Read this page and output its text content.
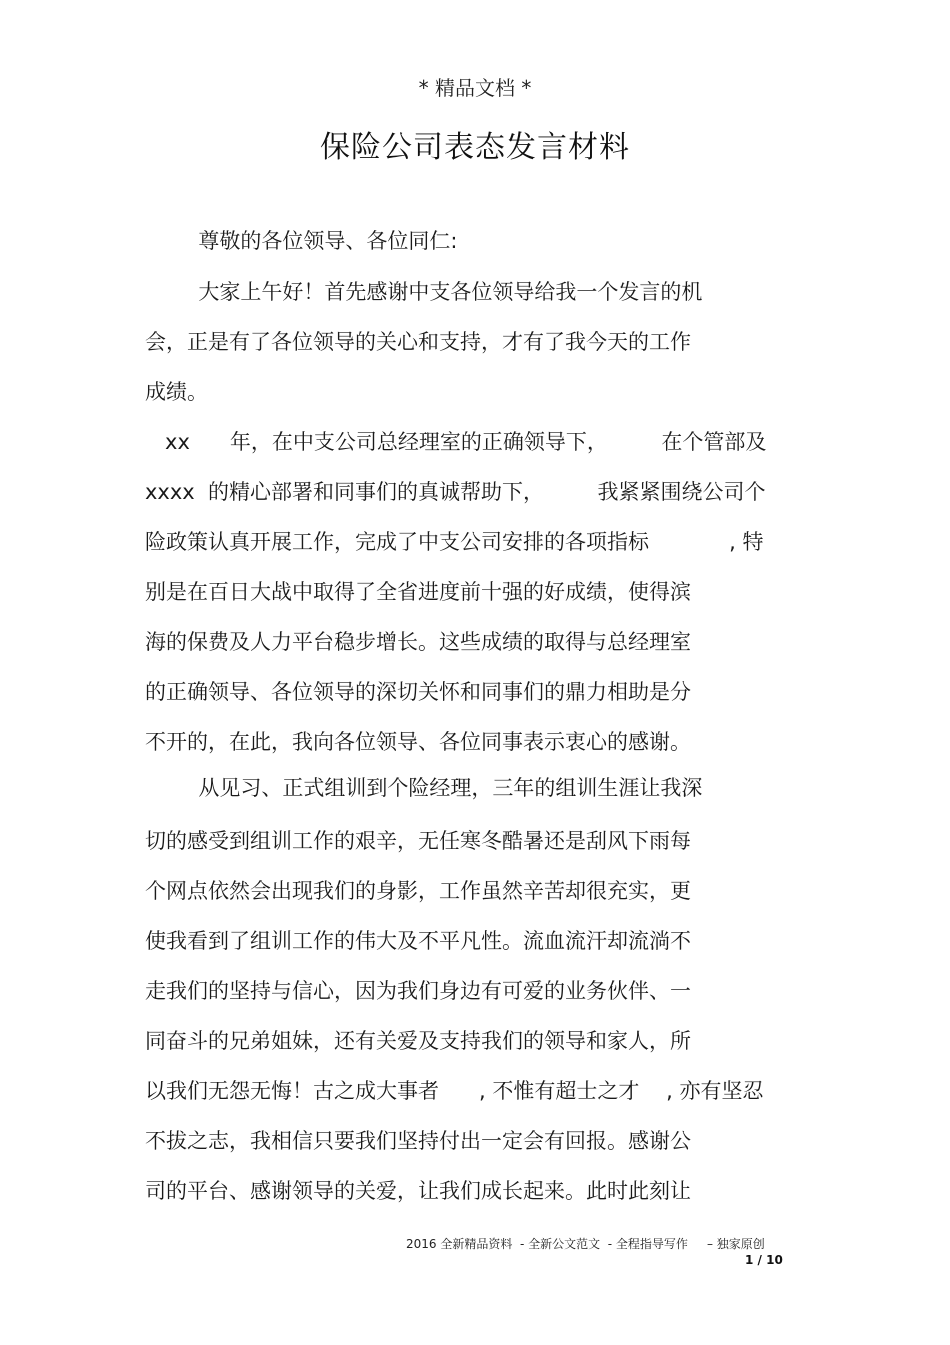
* 精品文档 *
保险公司表态发言材料
尊敬的各位领导、各位同仁:
大家上午好！首先感谢中支各位领导给我一个发言的机
会，正是有了各位领导的关心和支持，才有了我今天的工作
成绩。
xx      年，在中支公司总经理室的正确领导下，        在个管部及
xxxx  的精心部署和同事们的真诚帮助下，        我紧紧围绕公司个
险政策认真开展工作，完成了中支公司安排的各项指标            , 特
别是在百日大战中取得了全省进度前十强的好成绩，使得滨
海的保费及人力平台稳步增长。这些成绩的取得与总经理室
的正确领导、各位领导的深切关怀和同事们的鼎力相助是分
不开的，在此，我向各位领导、各位同事表示衷心的感谢。
从见习、正式组训到个险经理，三年的组训生涯让我深
切的感受到组训工作的艰辛，无任寒冬酷暑还是刮风下雨每
个网点依然会出现我们的身影，工作虽然辛苦却很充实，更
使我看到了组训工作的伟大及不平凡性。流血流汗却流淌不
走我们的坚持与信心，因为我们身边有可爱的业务伙伴、一
同奋斗的兄弟姐妹，还有关爱及支持我们的领导和家人，所
以我们无怨无悔！古之成大事者      , 不惟有超士之才    , 亦有坚忍
不拔之志，我相信只要我们坚持付出一定会有回报。感谢公
司的平台、感谢领导的关爱，让我们成长起来。此时此刻让
2016 全新精品资料  - 全新公文范文  - 全程指导写作     – 独家原创
1 / 10
